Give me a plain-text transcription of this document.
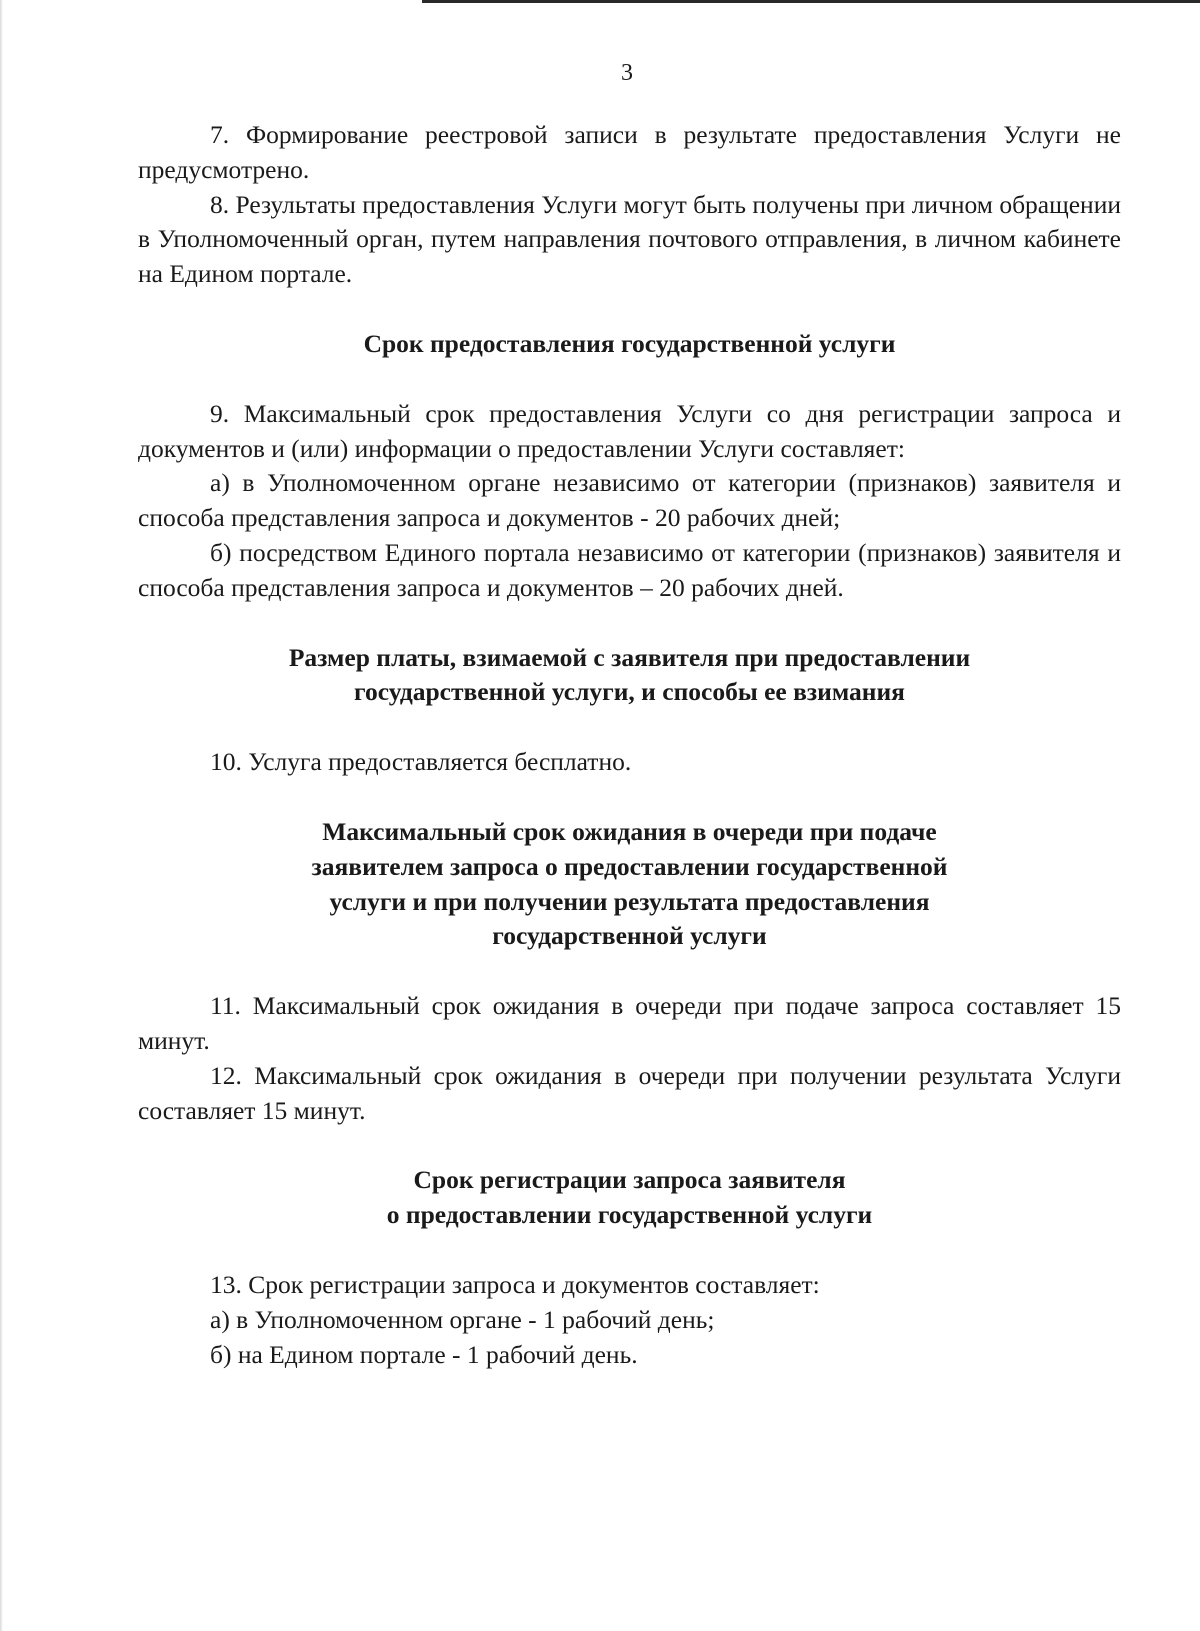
3

7. Формирование реестровой записи в результате предоставления Услуги не предусмотрено.

8. Результаты предоставления Услуги могут быть получены при личном обращении в Уполномоченный орган, путем направления почтового отправления, в личном кабинете на Едином портале.

Срок предоставления государственной услуги

9. Максимальный срок предоставления Услуги со дня регистрации запроса и документов и (или) информации о предоставлении Услуги составляет:

а) в Уполномоченном органе независимо от категории (признаков) заявителя и способа представления запроса и документов - 20 рабочих дней;

б) посредством Единого портала независимо от категории (признаков) заявителя и способа представления запроса и документов – 20 рабочих дней.

Размер платы, взимаемой с заявителя при предоставлении

государственной услуги, и способы ее взимания

10. Услуга предоставляется бесплатно.

Максимальный срок ожидания в очереди при подаче

заявителем запроса о предоставлении государственной

услуги и при получении результата предоставления

государственной услуги

11. Максимальный срок ожидания в очереди при подаче запроса составляет 15 минут.

12. Максимальный срок ожидания в очереди при получении результата Услуги составляет 15 минут.

Срок регистрации запроса заявителя

о предоставлении государственной услуги

13. Срок регистрации запроса и документов составляет:

а) в Уполномоченном органе - 1 рабочий день;

б) на Едином портале - 1 рабочий день.
